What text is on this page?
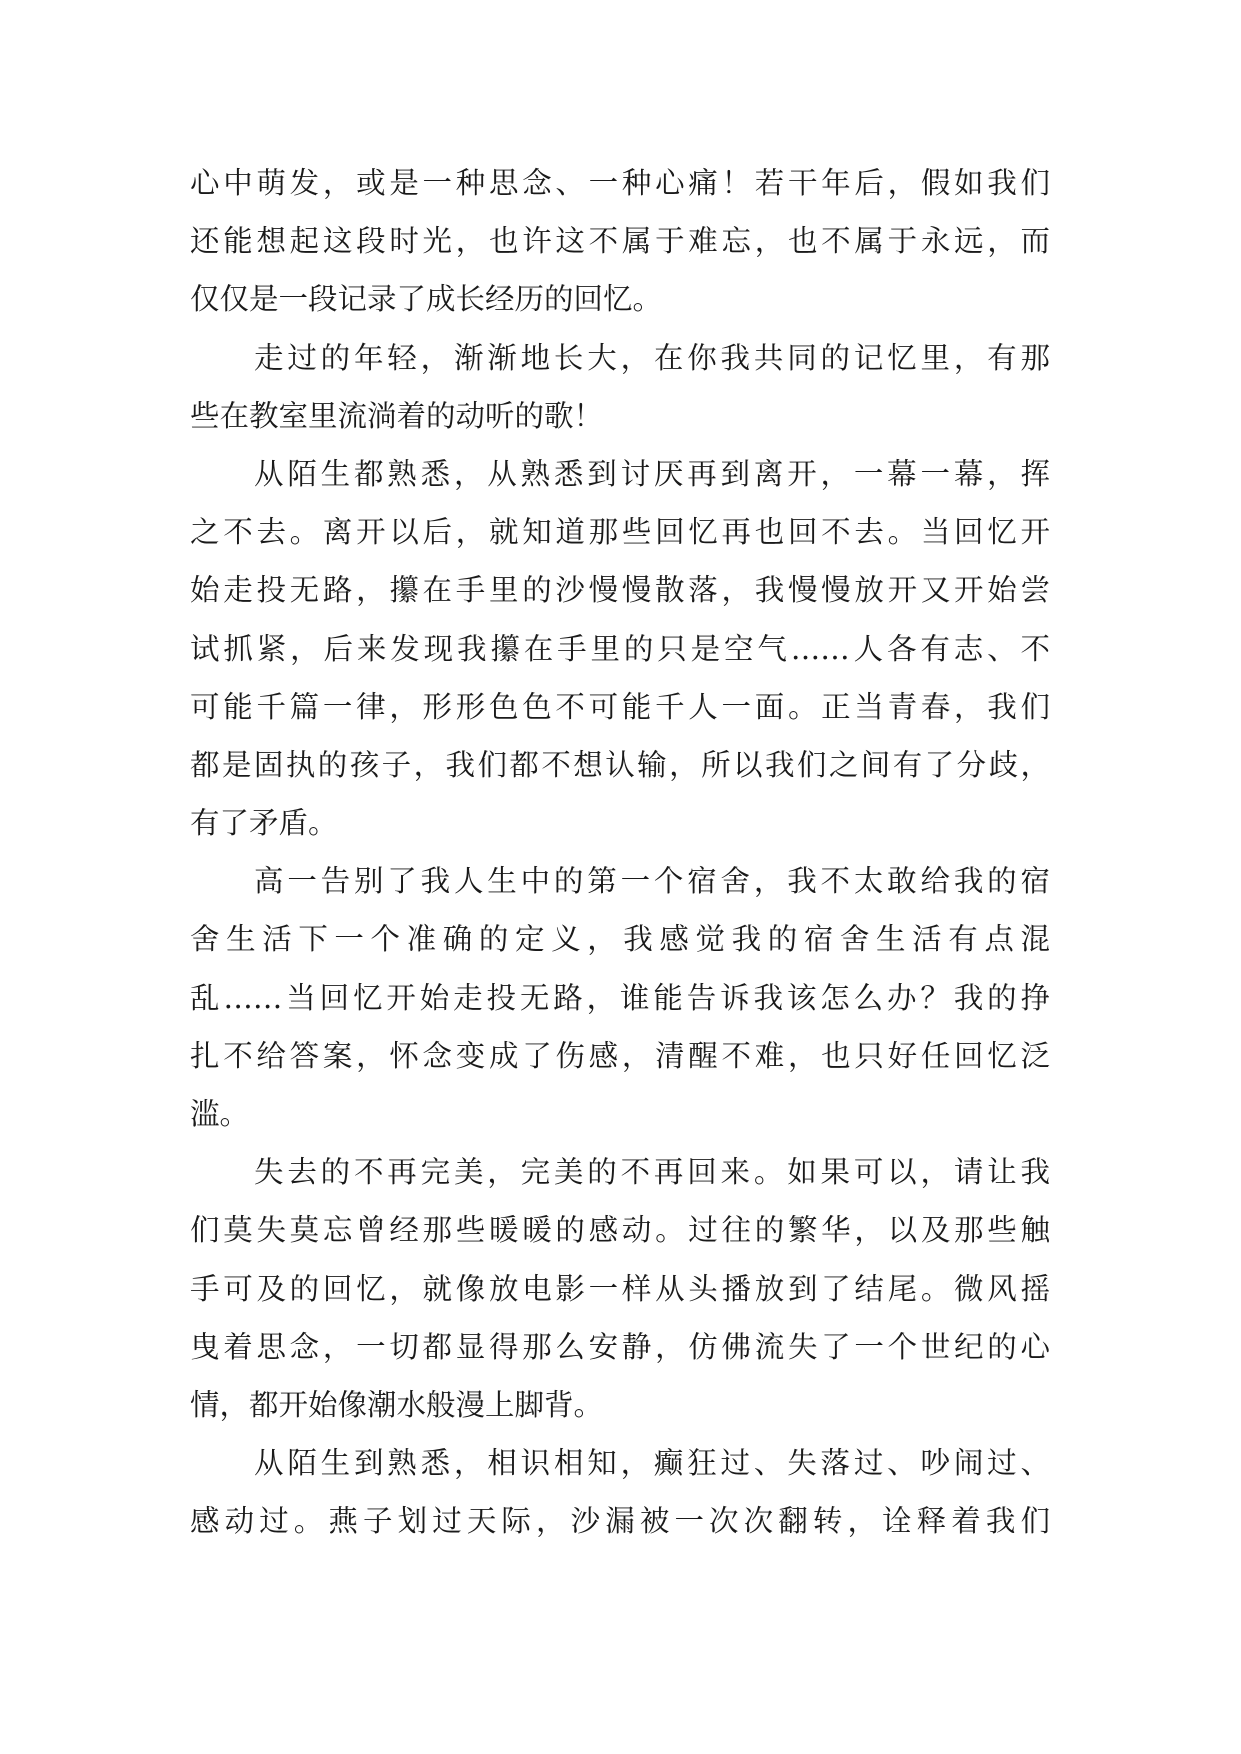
心中萌发，或是一种思念、一种心痛！若干年后，假如我们
还能想起这段时光，也许这不属于难忘，也不属于永远，而
仅仅是一段记录了成长经历的回忆。
走过的年轻，渐渐地长大，在你我共同的记忆里，有那
些在教室里流淌着的动听的歌！
从陌生都熟悉，从熟悉到讨厌再到离开，一幕一幕，挥
之不去。离开以后，就知道那些回忆再也回不去。当回忆开
始走投无路，攥在手里的沙慢慢散落，我慢慢放开又开始尝
试抓紧，后来发现我攥在手里的只是空气……人各有志、不
可能千篇一律，形形色色不可能千人一面。正当青春，我们
都是固执的孩子，我们都不想认输，所以我们之间有了分歧，
有了矛盾。
高一告别了我人生中的第一个宿舍，我不太敢给我的宿
舍生活下一个准确的定义，我感觉我的宿舍生活有点混
乱……当回忆开始走投无路，谁能告诉我该怎么办？我的挣
扎不给答案，怀念变成了伤感，清醒不难，也只好任回忆泛
滥。
失去的不再完美，完美的不再回来。如果可以，请让我
们莫失莫忘曾经那些暖暖的感动。过往的繁华，以及那些触
手可及的回忆，就像放电影一样从头播放到了结尾。微风摇
曳着思念，一切都显得那么安静，仿佛流失了一个世纪的心
情，都开始像潮水般漫上脚背。
从陌生到熟悉，相识相知，癫狂过、失落过、吵闹过、
感动过。燕子划过天际，沙漏被一次次翻转，诠释着我们
